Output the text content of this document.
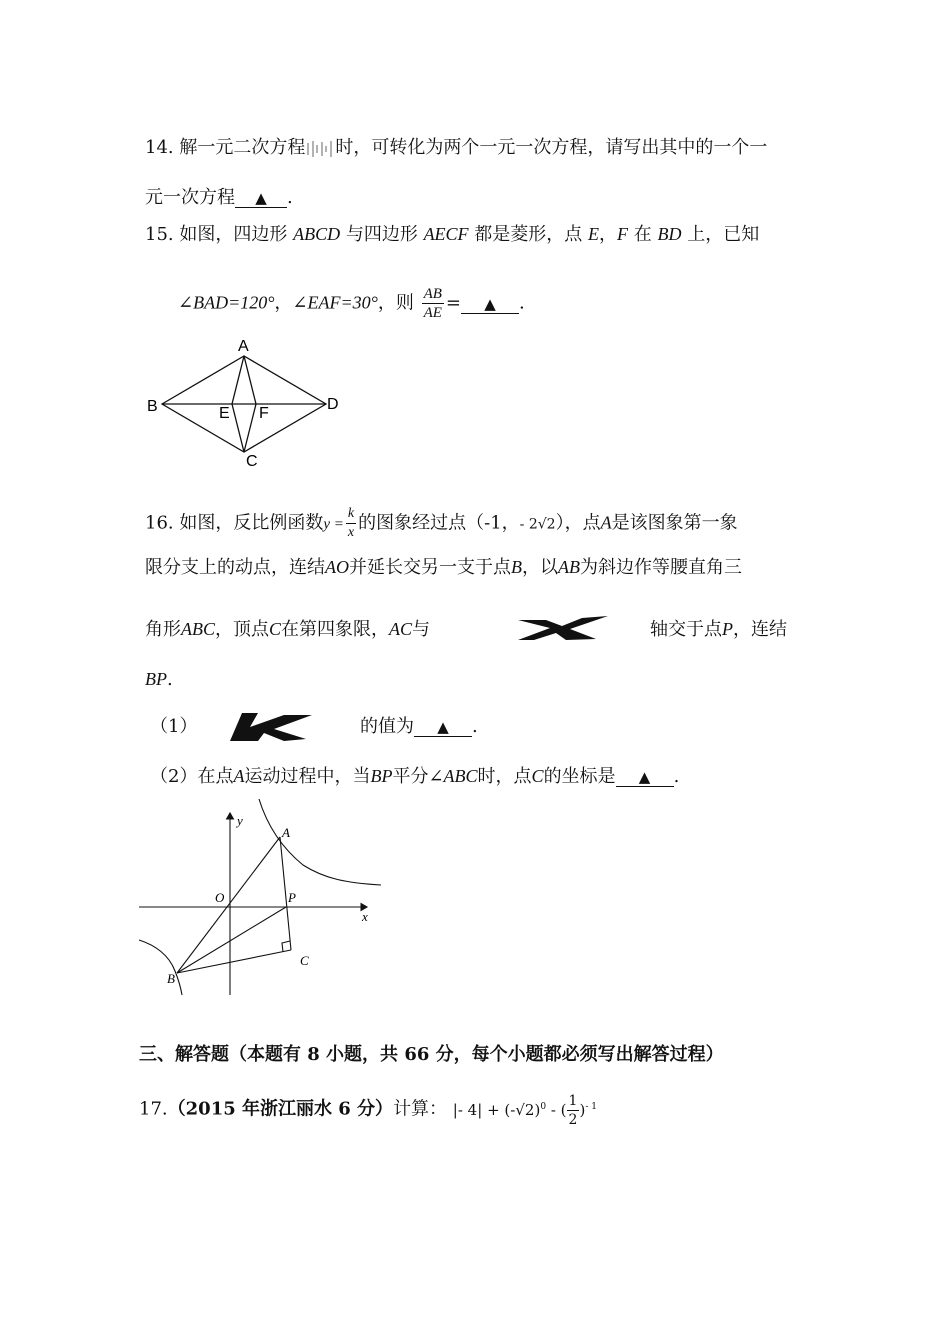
14. 解一元二次方程 时，可转化为两个一元一次方程，请写出其中的一个一
元一次方程 ▲ .
15. 如图，四边形 ABCD 与四边形 AECF 都是菱形，点 E，F 在 BD 上，已知
∠BAD=120°，∠EAF=30°，则 $\frac{AB}{AE}$ = ▲ .
A
B
C
D
E F
16. 如图，反比例函数$y = \frac{k}{x}$ 的图象经过点（-1，- 2√2），点A是该图象第一象
限分支上的动点，连结AO并延长交另一支于点B，以AB为斜边作等腰直角三
角形ABC，顶点C在第四象限，AC与	轴交于点P，连结
BP.
（1）	的值为 ▲ .
（2）在点A运动过程中，当BP平分∠ABC时，点C的坐标是 ▲ .
y
x
O
A
P
B
C
三、解答题（本题有 8 小题，共 66 分，每个小题都必须写出解答过程）
17.（2015 年浙江丽水 6 分）计算： |- $4| + (-√2)^0$ - ( $\frac{1}{2} )^{- 1}$
